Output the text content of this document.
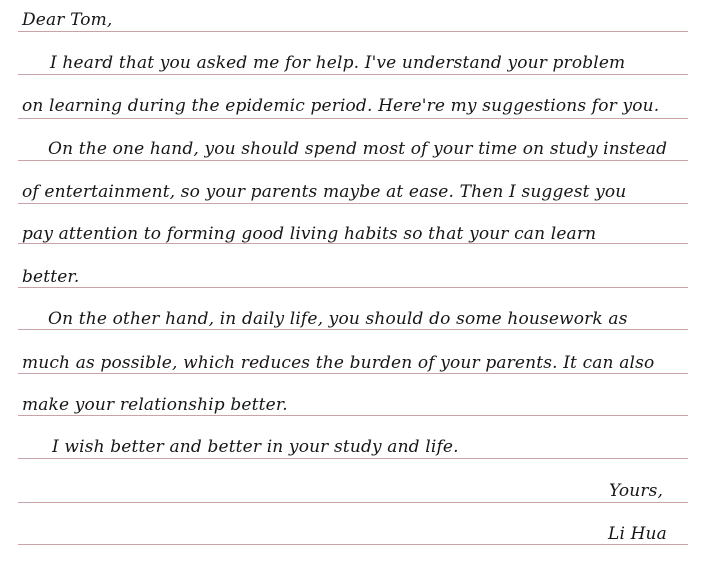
Dear Tom,
I heard that you asked me for help. I've understand your problem
on learning during the epidemic period. Here're my suggestions for you.
On the one hand, you should spend most of your time on study instead
of entertainment, so your parents maybe at ease. Then I suggest you
pay attention to forming good living habits so that your can learn
better.
On the other hand, in daily life, you should do some housework as
much as possible, which reduces the burden of your parents. It can also
make your relationship better.
I wish better and better in your study and life.
Yours,
Li Hua
